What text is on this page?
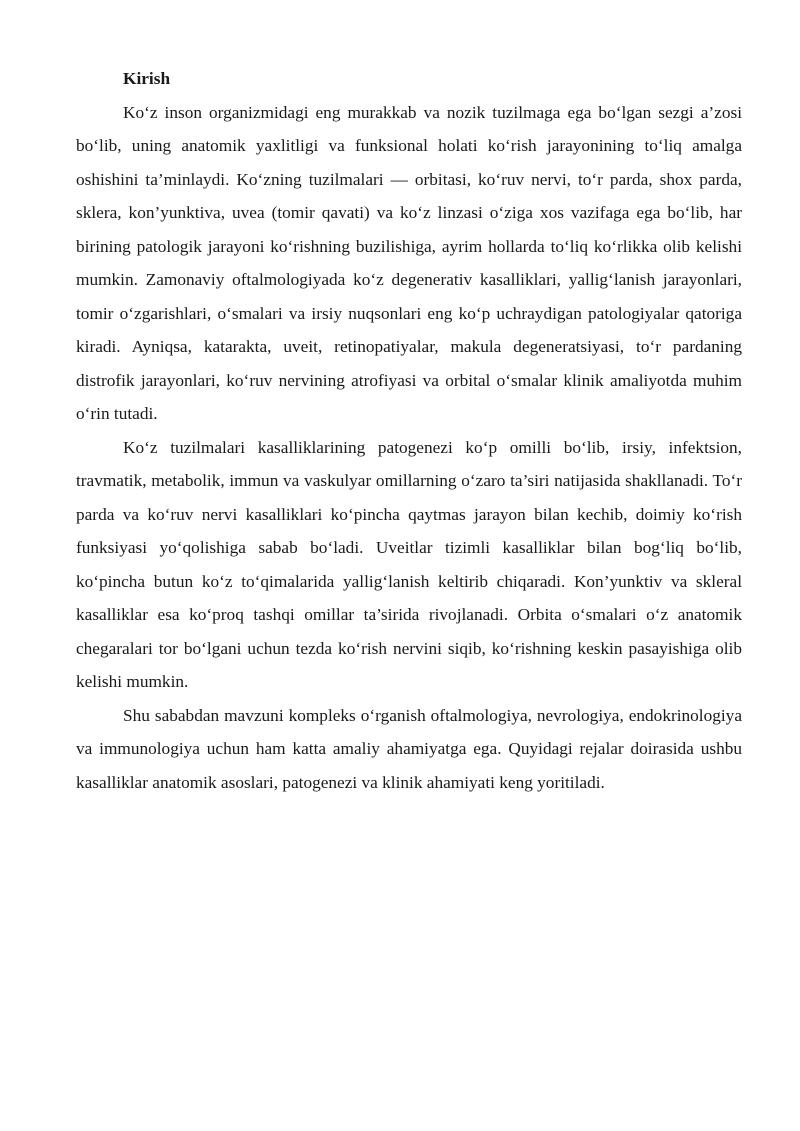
Kirish

Ko‘z inson organizmidagi eng murakkab va nozik tuzilmaga ega bo‘lgan sezgi a’zosi bo‘lib, uning anatomik yaxlitligi va funksional holati ko‘rish jarayonining to‘liq amalga oshishini ta’minlaydi. Ko‘zning tuzilmalari — orbitasi, ko‘ruv nervi, to‘r parda, shox parda, sklera, kon’yunktiva, uvea (tomir qavati) va ko‘z linzasi o‘ziga xos vazifaga ega bo‘lib, har birining patologik jarayoni ko‘rishning buzilishiga, ayrim hollarda to‘liq ko‘rlikka olib kelishi mumkin. Zamonaviy oftalmologiyada ko‘z degenerativ kasalliklari, yallig‘lanish jarayonlari, tomir o‘zgarishlari, o‘smalari va irsiy nuqsonlari eng ko‘p uchraydigan patologiyalar qatoriga kiradi. Ayniqsa, katarakta, uveit, retinopatiyalar, makula degeneratsiyasi, to‘r pardaning distrofik jarayonlari, ko‘ruv nervining atrofiyasi va orbital o‘smalar klinik amaliyotda muhim o‘rin tutadi.

Ko‘z tuzilmalari kasalliklarining patogenezi ko‘p omilli bo‘lib, irsiy, infektsion, travmatik, metabolik, immun va vaskulyar omillarning o‘zaro ta’siri natijasida shakllanadi. To‘r parda va ko‘ruv nervi kasalliklari ko‘pincha qaytmas jarayon bilan kechib, doimiy ko‘rish funksiyasi yo‘qolishiga sabab bo‘ladi. Uveitlar tizimli kasalliklar bilan bog‘liq bo‘lib, ko‘pincha butun ko‘z to‘qimalarida yallig‘lanish keltirib chiqaradi. Kon’yunktiv va skleral kasalliklar esa ko‘proq tashqi omillar ta’sirida rivojlanadi. Orbita o‘smalari o‘z anatomik chegaralari tor bo‘lgani uchun tezda ko‘rish nervini siqib, ko‘rishning keskin pasayishiga olib kelishi mumkin.

Shu sababdan mavzuni kompleks o‘rganish oftalmologiya, nevrologiya, endokrinologiya va immunologiya uchun ham katta amaliy ahamiyatga ega. Quyidagi rejalar doirasida ushbu kasalliklar anatomik asoslari, patogenezi va klinik ahamiyati keng yoritiladi.
